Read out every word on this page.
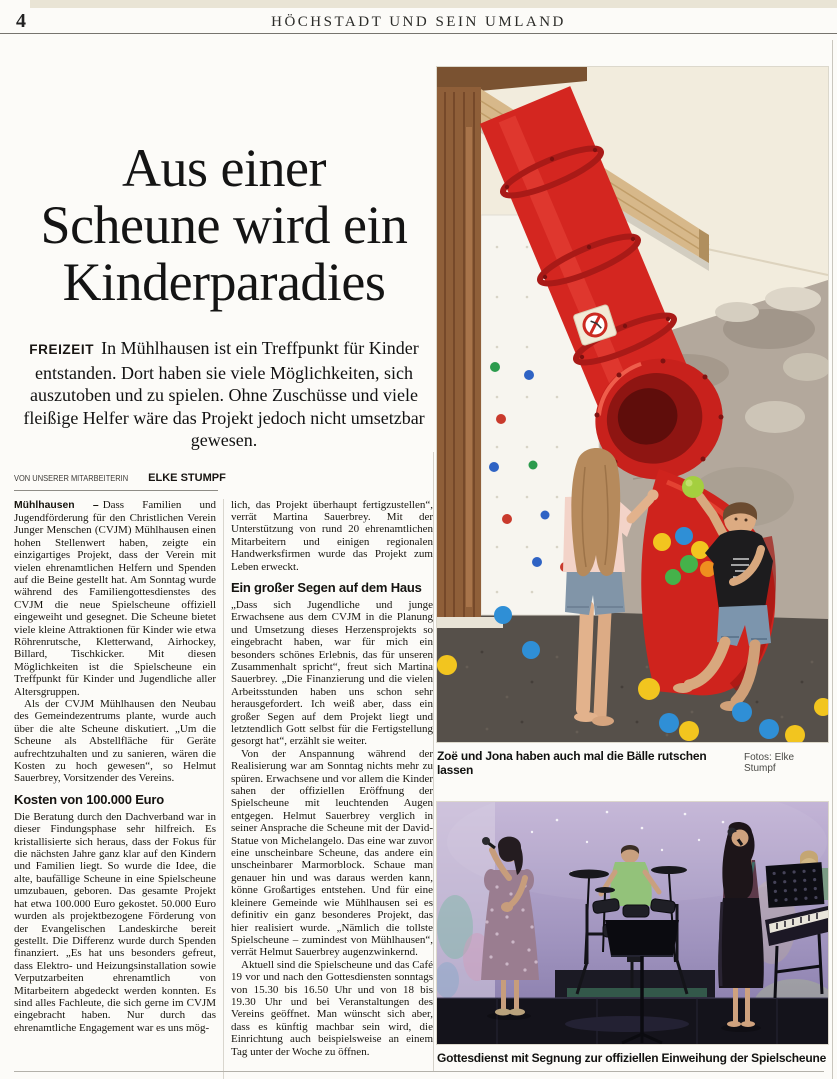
4	HÖCHSTADT UND SEIN UMLAND
Aus einer
Scheune wird ein
Kinderparadies

FREIZEIT In Mühlhausen ist ein Treffpunkt für Kinder entstanden. Dort haben sie viele Möglichkeiten, sich auszutoben und zu spielen. Ohne Zuschüsse und viele fleißige Helfer wäre das Projekt jedoch nicht umsetzbar gewesen.

VON UNSERER MITARBEITERIN ELKE STUMPF

Mühlhausen – Dass Familien und Jugendförderung für den Christlichen Verein Junger Menschen (CVJM) Mühlhausen einen hohen Stellenwert haben, zeigte ein einzigartiges Projekt, dass der Verein mit vielen ehrenamtlichen Helfern und Spenden auf die Beine gestellt hat. Am Sonntag wurde während des Familiengottesdienstes des CVJM die neue Spielscheune offiziell eingeweiht und gesegnet. Die Scheune bietet viele kleine Attraktionen für Kinder wie etwa Röhrenrutsche, Kletterwand, Airhockey, Billard, Tischkicker. Mit diesen Möglichkeiten ist die Spielscheune ein Treffpunkt für Kinder und Jugendliche aller Altersgruppen.

Als der CVJM Mühlhausen den Neubau des Gemeindezentrums plante, wurde auch über die alte Scheune diskutiert. „Um die Scheune als Abstellfläche für Geräte aufrechtzuhalten und zu sanieren, wären die Kosten zu hoch gewesen“, so Helmut Sauerbrey, Vorsitzender des Vereins.

Kosten von 100.000 Euro

Die Beratung durch den Dachverband war in dieser Findungsphase sehr hilfreich. Es kristallisierte sich heraus, dass der Fokus für die nächsten Jahre ganz klar auf den Kindern und Familien liegt. So wurde die Idee, die alte, baufällige Scheune in eine Spielscheune umzubauen, geboren. Das gesamte Projekt hat etwa 100.000 Euro gekostet. 50.000 Euro wurden als projektbezogene Förderung von der Evangelischen Landeskirche bereit gestellt. Die Differenz wurde durch Spenden finanziert. „Es hat uns besonders gefreut, dass Elektro- und Heizungsinstallation sowie Verputzarbeiten ehrenamtlich von Mitarbeitern abgedeckt werden konnten. Es sind alles Fachleute, die sich gerne im CVJM eingebracht haben. Nur durch das ehrenamtliche Engagement war es uns mög-

lich, das Projekt überhaupt fertigzustellen“, verrät Martina Sauerbrey. Mit der Unterstützung von rund 20 ehrenamtlichen Mitarbeitern und einigen regionalen Handwerksfirmen wurde das Projekt zum Leben erweckt.

Ein großer Segen auf dem Haus

„Dass sich Jugendliche und junge Erwachsene aus dem CVJM in die Planung und Umsetzung dieses Herzensprojekts so eingebracht haben, war für mich ein besonders schönes Erlebnis, das für unseren Zusammenhalt spricht“, freut sich Martina Sauerbrey. „Die Finanzierung und die vielen Arbeitsstunden haben uns schon sehr herausgefordert. Ich weiß aber, dass ein großer Segen auf dem Projekt liegt und letztendlich Gott selbst für die Fertigstellung gesorgt hat“, erzählt sie weiter.

Von der Anspannung während der Realisierung war am Sonntag nichts mehr zu spüren. Erwachsene und vor allem die Kinder sahen der offiziellen Eröffnung der Spielscheune mit leuchtenden Augen entgegen. Helmut Sauerbrey verglich in seiner Ansprache die Scheune mit der David-Statue von Michelangelo. Das eine war zuvor eine unscheinbare Scheune, das andere ein unscheinbarer Marmorblock. Schaue man genauer hin und was daraus werden kann, könne Großartiges entstehen. Und für eine kleinere Gemeinde wie Mühlhausen sei es definitiv ein ganz besonderes Projekt, das hier realisiert wurde. „Nämlich die tollste Spielscheune – zumindest von Mühlhausen“, verrät Helmut Sauerbrey augenzwinkernd.

Aktuell sind die Spielscheune und das Café 19 vor und nach den Gottesdiensten sonntags von 15.30 bis 16.50 Uhr und von 18 bis 19.30 Uhr und bei Veranstaltungen des Vereins geöffnet. Man wünscht sich aber, dass es künftig machbar sein wird, die Einrichtung auch beispielsweise an einem Tag unter der Woche zu öffnen.

Zoë und Jona haben auch mal die Bälle rutschen lassen
Fotos: Elke Stumpf
Gottesdienst mit Segnung zur offiziellen Einweihung der Spielscheune
